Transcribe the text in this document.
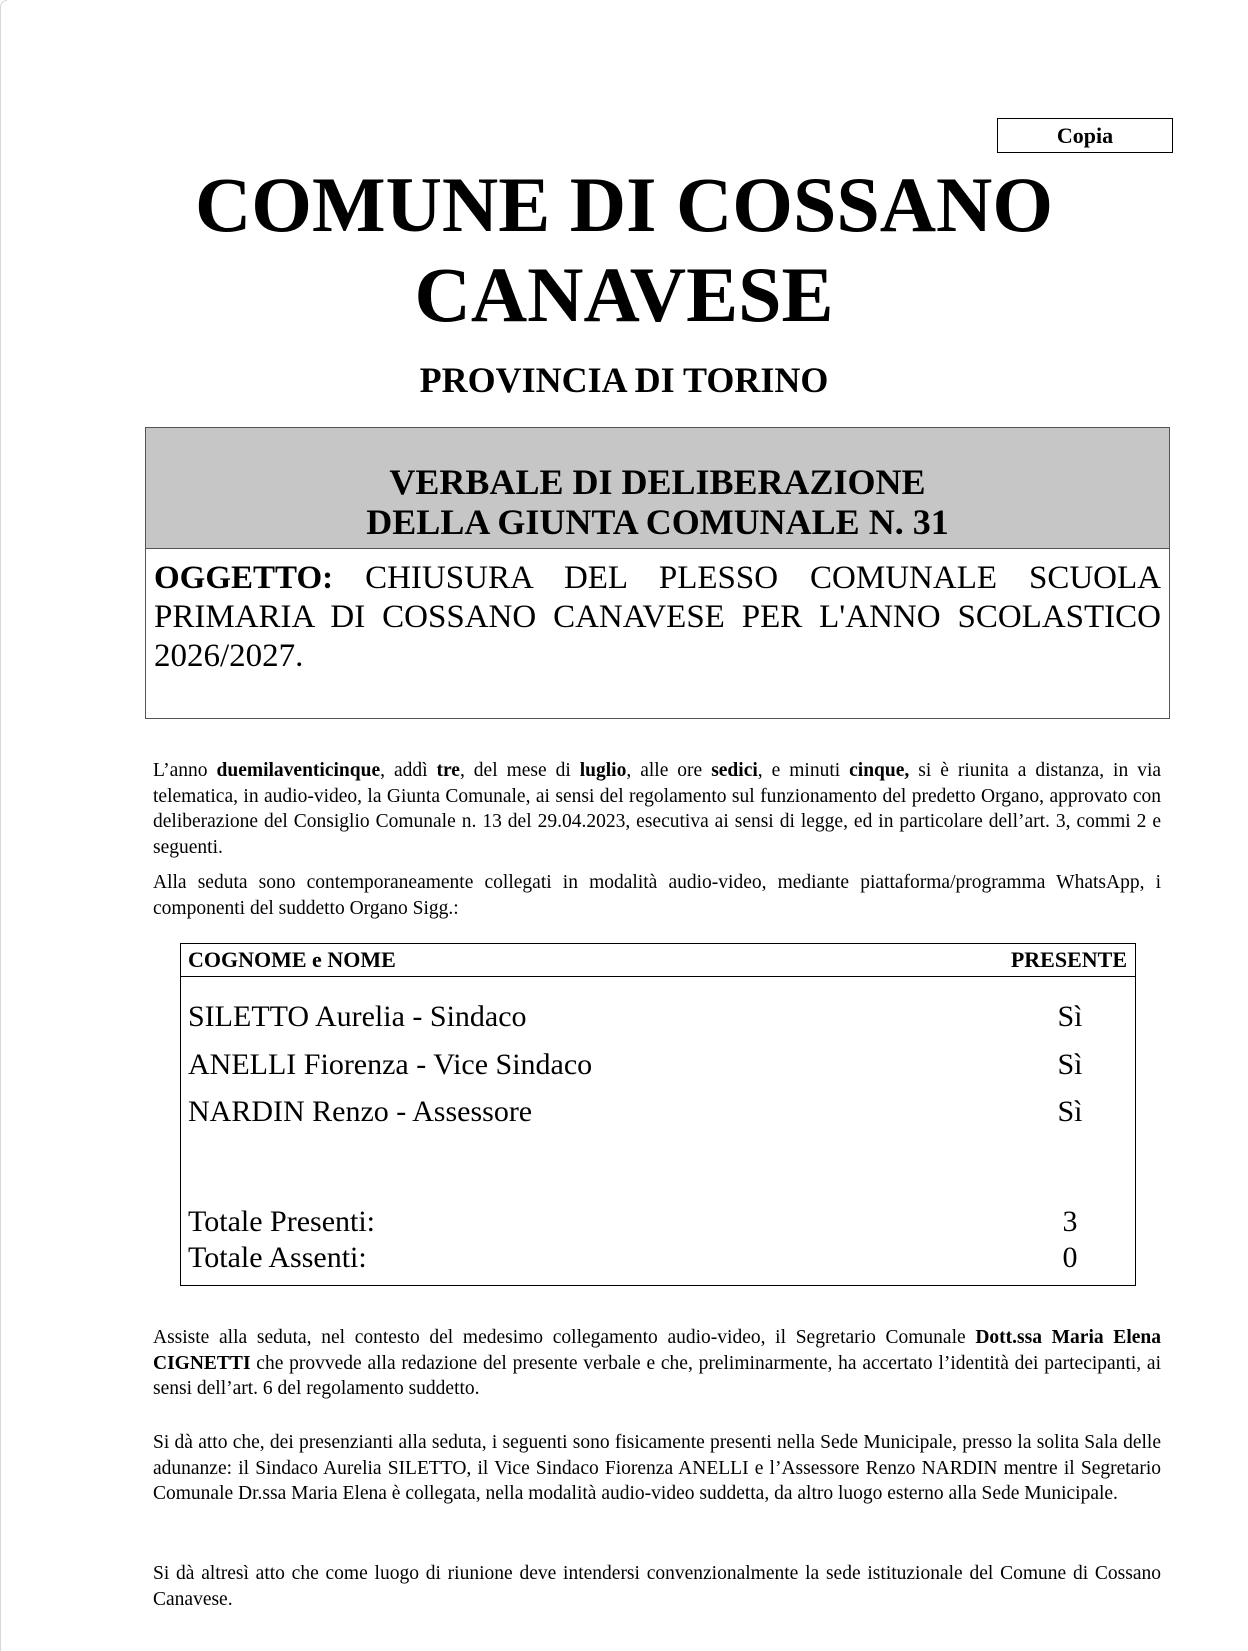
Copia
COMUNE DI COSSANO
CANAVESE
PROVINCIA DI TORINO
VERBALE DI DELIBERAZIONE
DELLA GIUNTA COMUNALE N. 31
OGGETTO: CHIUSURA DEL PLESSO COMUNALE SCUOLA PRIMARIA DI COSSANO CANAVESE PER L'ANNO SCOLASTICO 2026/2027.
L’anno duemilaventicinque, addì tre, del mese di luglio, alle ore sedici, e minuti cinque, si è riunita a distanza, in via telematica, in audio-video, la Giunta Comunale, ai sensi del regolamento sul funzionamento del predetto Organo, approvato con deliberazione del Consiglio Comunale n. 13 del 29.04.2023, esecutiva ai sensi di legge, ed in particolare dell’art. 3, commi 2 e seguenti.
Alla seduta sono contemporaneamente collegati in modalità audio-video, mediante piattaforma/programma WhatsApp, i componenti del suddetto Organo Sigg.:
COGNOME e NOME	PRESENTE
SILETTO Aurelia - Sindaco	Sì
ANELLI Fiorenza - Vice Sindaco	Sì
NARDIN Renzo - Assessore	Sì
Totale Presenti:	3
Totale Assenti:	0
Assiste alla seduta, nel contesto del medesimo collegamento audio-video, il Segretario Comunale Dott.ssa Maria Elena CIGNETTI che provvede alla redazione del presente verbale e che, preliminarmente, ha accertato l’identità dei partecipanti, ai sensi dell’art. 6 del regolamento suddetto.
Si dà atto che, dei presenzianti alla seduta, i seguenti sono fisicamente presenti nella Sede Municipale, presso la solita Sala delle adunanze: il Sindaco Aurelia SILETTO, il Vice Sindaco Fiorenza ANELLI e l’Assessore Renzo NARDIN mentre il Segretario Comunale Dr.ssa Maria Elena è collegata, nella modalità audio-video suddetta, da altro luogo esterno alla Sede Municipale.
Si dà altresì atto che come luogo di riunione deve intendersi convenzionalmente la sede istituzionale del Comune di Cossano Canavese.
